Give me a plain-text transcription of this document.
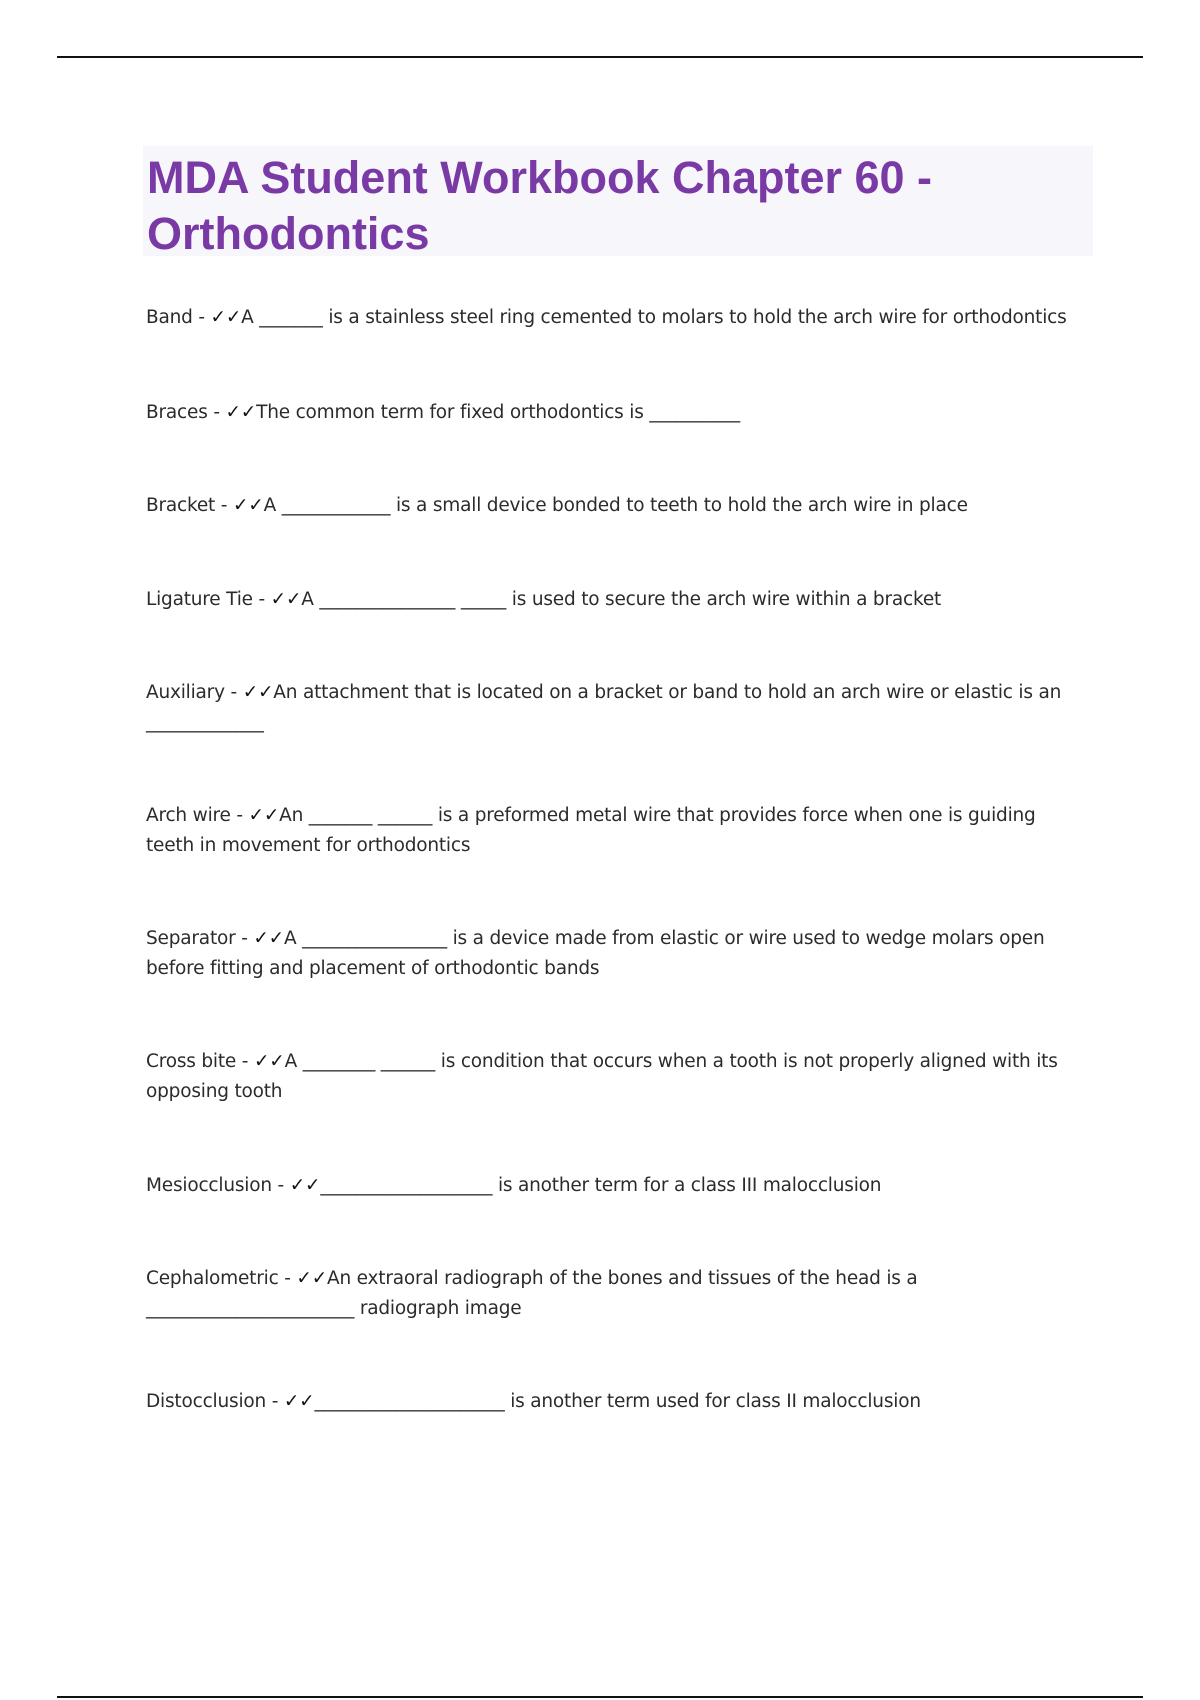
MDA Student Workbook Chapter 60 - Orthodontics

Band - ✓✓A _______ is a stainless steel ring cemented to molars to hold the arch wire for orthodontics

Braces - ✓✓The common term for fixed orthodontics is __________

Bracket - ✓✓A ____________ is a small device bonded to teeth to hold the arch wire in place

Ligature Tie - ✓✓A _______________ _____ is used to secure the arch wire within a bracket

Auxiliary - ✓✓An attachment that is located on a bracket or band to hold an arch wire or elastic is an _____________

Arch wire - ✓✓An _______ ______ is a preformed metal wire that provides force when one is guiding teeth in movement for orthodontics

Separator - ✓✓A ________________ is a device made from elastic or wire used to wedge molars open before fitting and placement of orthodontic bands

Cross bite - ✓✓A ________ ______ is condition that occurs when a tooth is not properly aligned with its opposing tooth

Mesiocclusion - ✓✓___________________ is another term for a class III malocclusion

Cephalometric - ✓✓An extraoral radiograph of the bones and tissues of the head is a _______________________ radiograph image

Distocclusion - ✓✓_____________________ is another term used for class II malocclusion
